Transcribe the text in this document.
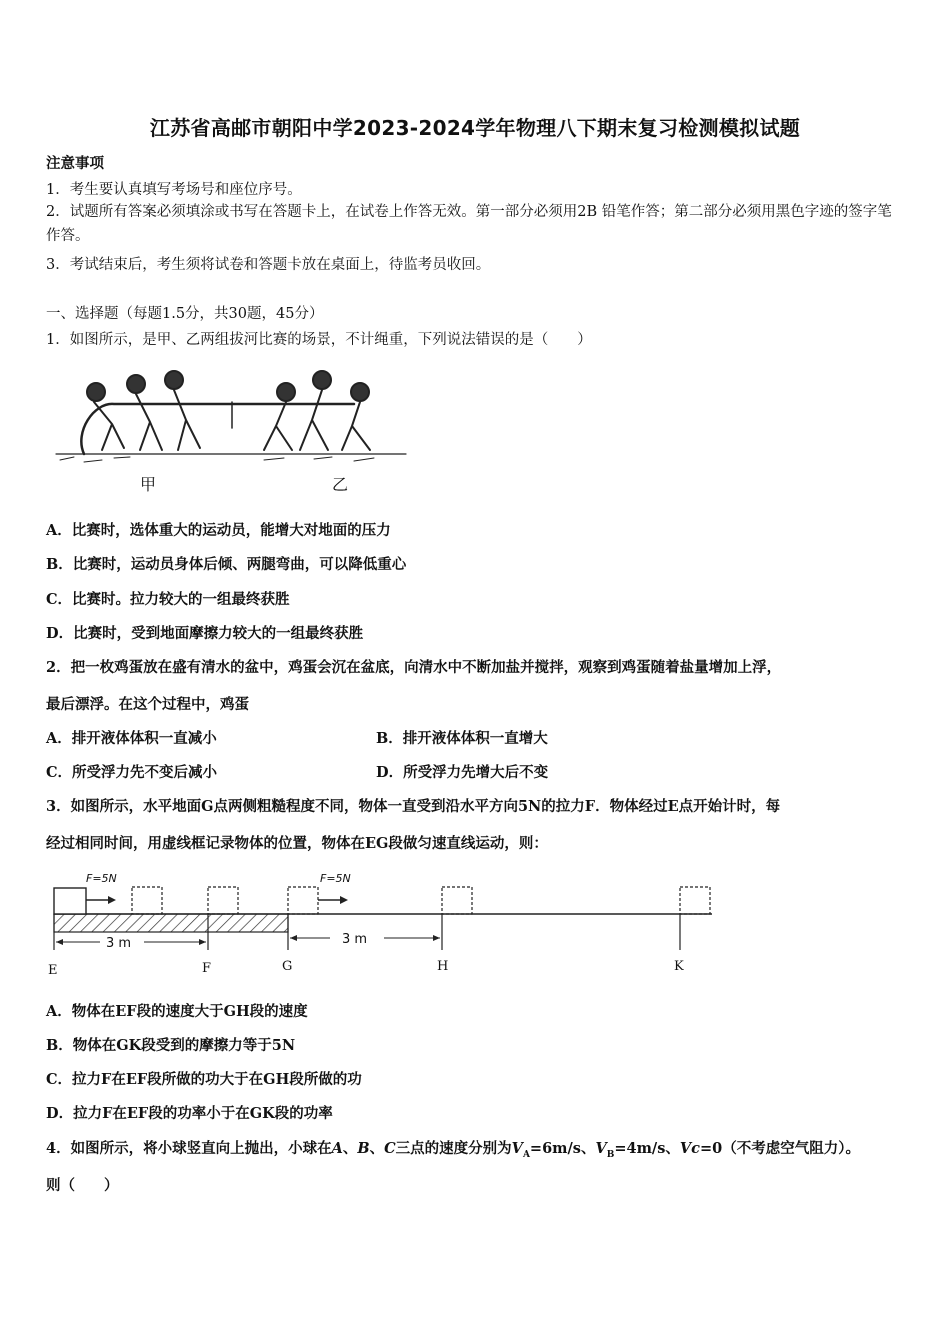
江苏省高邮市朝阳中学2023-2024学年物理八下期末复习检测模拟试题
注意事项
1．考生要认真填写考场号和座位序号。
2．试题所有答案必须填涂或书写在答题卡上，在试卷上作答无效。第一部分必须用2B 铅笔作答；第二部分必须用黑色字迹的签字笔作答。
3．考试结束后，考生须将试卷和答题卡放在桌面上，待监考员收回。
一、选择题（每题1.5分，共30题，45分）
1．如图所示，是甲、乙两组拔河比赛的场景，不计绳重，下列说法错误的是（　　）
甲	乙
A．比赛时，选体重大的运动员，能增大对地面的压力
B．比赛时，运动员身体后倾、两腿弯曲，可以降低重心
C．比赛时。拉力较大的一组最终获胜
D．比赛时，受到地面摩擦力较大的一组最终获胜
2．把一枚鸡蛋放在盛有清水的盆中，鸡蛋会沉在盆底，向清水中不断加盐并搅拌，观察到鸡蛋随着盐量增加上浮，
最后漂浮。在这个过程中，鸡蛋
A．排开液体体积一直减小	B．排开液体体积一直增大
C．所受浮力先不变后减小	D．所受浮力先增大后不变
3．如图所示，水平地面G点两侧粗糙程度不同，物体一直受到沿水平方向5N的拉力F．物体经过E点开始计时，每
经过相同时间，用虚线框记录物体的位置，物体在EG段做匀速直线运动，则：
F=5N	F=5N
3 m	3 m
E	F	G	H	K
A．物体在EF段的速度大于GH段的速度
B．物体在GK段受到的摩擦力等于5N
C．拉力F在EF段所做的功大于在GH段所做的功
D．拉力F在EF段的功率小于在GK段的功率
4．如图所示，将小球竖直向上抛出，小球在A、B、C三点的速度分别为$V_A=6m/s$、$V_B=4m/s$、Vc=0（不考虑空气阻力）。
则（　　）
